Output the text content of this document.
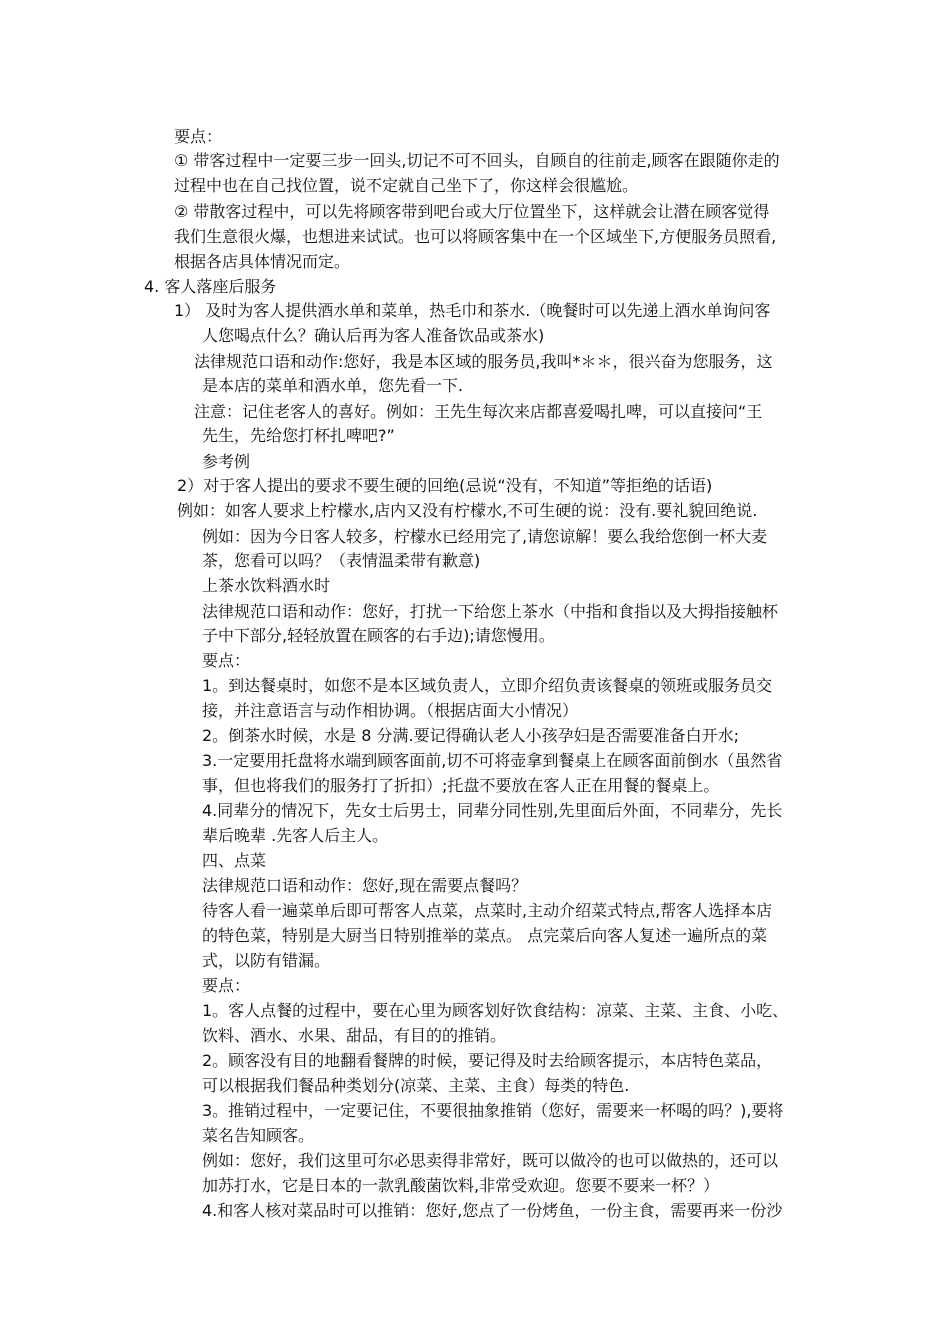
要点：
① 带客过程中一定要三步一回头,切记不可不回头，自顾自的往前走,顾客在跟随你走的
过程中也在自己找位置，说不定就自己坐下了，你这样会很尴尬。
② 带散客过程中，可以先将顾客带到吧台或大厅位置坐下，这样就会让潜在顾客觉得
我们生意很火爆，也想进来试试。也可以将顾客集中在一个区域坐下,方便服务员照看,
根据各店具体情况而定。
4. 客人落座后服务
1） 及时为客人提供酒水单和菜单，热毛巾和茶水.（晚餐时可以先递上酒水单询问客
人您喝点什么？确认后再为客人准备饮品或茶水)
法律规范口语和动作:您好，我是本区域的服务员,我叫*＊＊，很兴奋为您服务，这
是本店的菜单和酒水单，您先看一下.
注意：记住老客人的喜好。例如：王先生每次来店都喜爱喝扎啤，可以直接问“王
先生，先给您打杯扎啤吧?”
参考例
2）对于客人提出的要求不要生硬的回绝(忌说“没有，不知道”等拒绝的话语)
例如：如客人要求上柠檬水,店内又没有柠檬水,不可生硬的说：没有.要礼貌回绝说.
例如：因为今日客人较多，柠檬水已经用完了,请您谅解！要么我给您倒一杯大麦
茶，您看可以吗？（表情温柔带有歉意)
上茶水饮料酒水时
法律规范口语和动作：您好，打扰一下给您上茶水（中指和食指以及大拇指接触杯
子中下部分,轻轻放置在顾客的右手边);请您慢用。
要点：
1。到达餐桌时，如您不是本区域负责人，立即介绍负责该餐桌的领班或服务员交
接，并注意语言与动作相协调。（根据店面大小情况）
2。倒茶水时候，水是 8 分满.要记得确认老人小孩孕妇是否需要准备白开水;
3.一定要用托盘将水端到顾客面前,切不可将壶拿到餐桌上在顾客面前倒水（虽然省
事，但也将我们的服务打了折扣）;托盘不要放在客人正在用餐的餐桌上。
4.同辈分的情况下，先女士后男士，同辈分同性别,先里面后外面，不同辈分，先长
辈后晚辈 .先客人后主人。
四、点菜
法律规范口语和动作：您好,现在需要点餐吗？
待客人看一遍菜单后即可帮客人点菜，点菜时,主动介绍菜式特点,帮客人选择本店
的特色菜，特别是大厨当日特别推举的菜点。 点完菜后向客人复述一遍所点的菜
式，以防有错漏。
要点：
1。客人点餐的过程中，要在心里为顾客划好饮食结构：凉菜、主菜、主食、小吃、
饮料、酒水、水果、甜品，有目的的推销。
2。顾客没有目的地翻看餐牌的时候，要记得及时去给顾客提示，本店特色菜品，
可以根据我们餐品种类划分(凉菜、主菜、主食）每类的特色.
3。推销过程中，一定要记住，不要很抽象推销（您好，需要来一杯喝的吗？),要将
菜名告知顾客。
例如：您好，我们这里可尔必思卖得非常好，既可以做冷的也可以做热的，还可以
加苏打水，它是日本的一款乳酸菌饮料,非常受欢迎。您要不要来一杯？）
4.和客人核对菜品时可以推销：您好,您点了一份烤鱼，一份主食，需要再来一份沙
